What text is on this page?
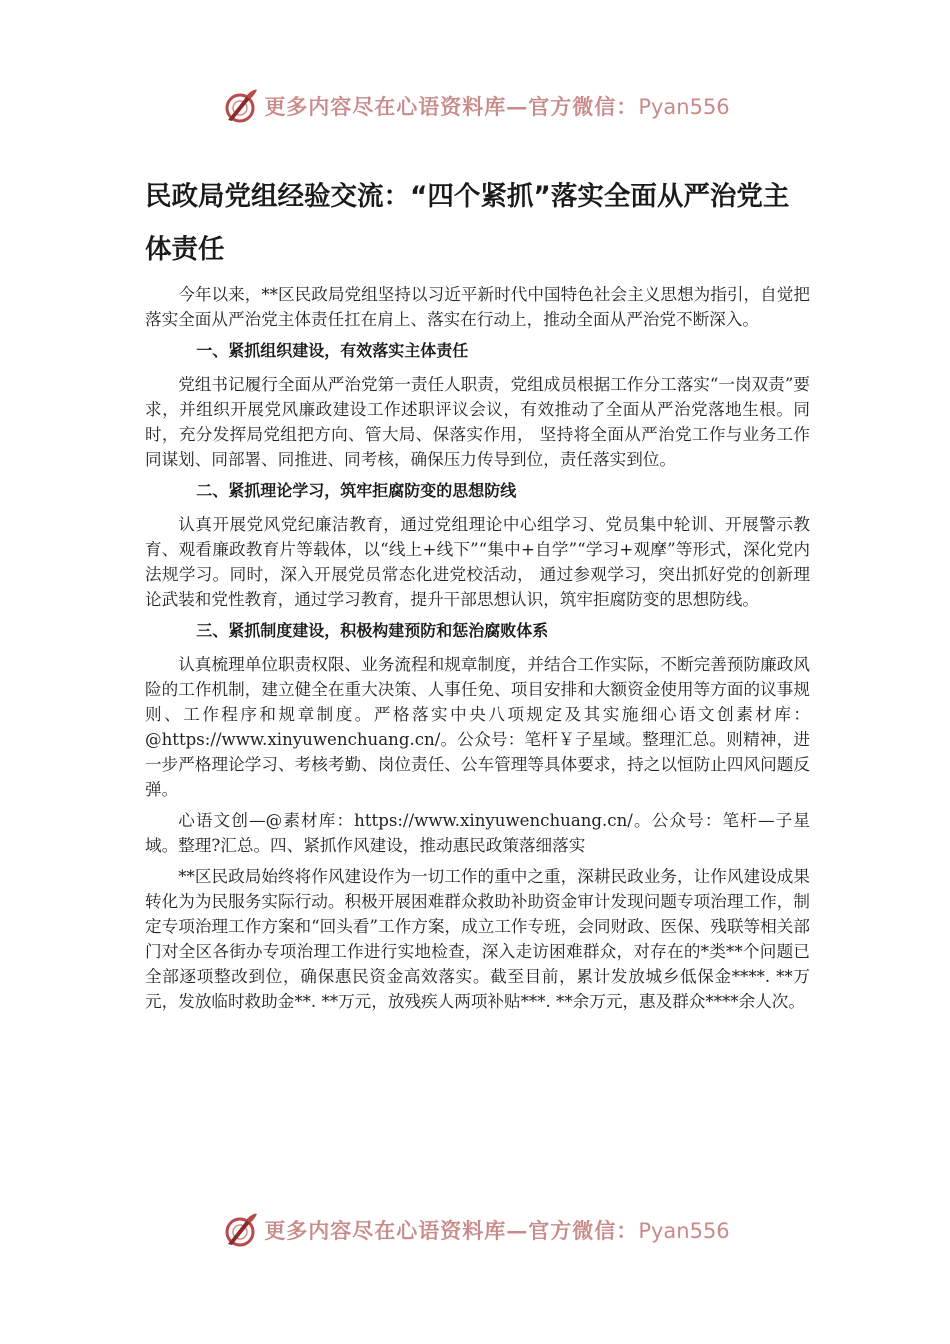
更多内容尽在心语资料库—官方微信：Pyan556
民政局党组经验交流：“四个紧抓”落实全面从严治党主体责任

今年以来，**区民政局党组坚持以习近平新时代中国特色社会主义思想为指引，自觉把落实全面从严治党主体责任扛在肩上、落实在行动上，推动全面从严治党不断深入。

一、紧抓组织建设，有效落实主体责任

党组书记履行全面从严治党第一责任人职责，党组成员根据工作分工落实“一岗双责”要求，并组织开展党风廉政建设工作述职评议会议，有效推动了全面从严治党落地生根。同时，充分发挥局党组把方向、管大局、保落实作用， 坚持将全面从严治党工作与业务工作同谋划、同部署、同推进、同考核，确保压力传导到位，责任落实到位。

二、紧抓理论学习，筑牢拒腐防变的思想防线

认真开展党风党纪廉洁教育，通过党组理论中心组学习、党员集中轮训、开展警示教育、观看廉政教育片等载体，以“线上+线下”“集中+自学”“学习+观摩”等形式，深化党内法规学习。同时，深入开展党员常态化进党校活动， 通过参观学习，突出抓好党的创新理论武装和党性教育，通过学习教育，提升干部思想认识，筑牢拒腐防变的思想防线。

三、紧抓制度建设，积极构建预防和惩治腐败体系

认真梳理单位职责权限、业务流程和规章制度，并结合工作实际，不断完善预防廉政风险的工作机制，建立健全在重大决策、人事任免、项目安排和大额资金使用等方面的议事规则、工作程序和规章制度。严格落实中央八项规定及其实施细心语文创素材库： @https://www.xinyuwenchuang.cn/。公众号：笔杆￥子星域。整理汇总。则精神，进一步严格理论学习、考核考勤、岗位责任、公车管理等具体要求，持之以恒防止四风问题反弹。

心语文创—@素材库：https://www.xinyuwenchuang.cn/。公众号：笔杆—子星域。整理?汇总。四、紧抓作风建设，推动惠民政策落细落实

**区民政局始终将作风建设作为一切工作的重中之重，深耕民政业务，让作风建设成果转化为为民服务实际行动。积极开展困难群众救助补助资金审计发现问题专项治理工作，制定专项治理工作方案和“回头看”工作方案，成立工作专班，会同财政、医保、残联等相关部门对全区各街办专项治理工作进行实地检查，深入走访困难群众，对存在的*类**个问题已全部逐项整改到位，确保惠民资金高效落实。截至目前，累计发放城乡低保金****. **万元，发放临时救助金**. **万元，放残疾人两项补贴***. **余万元，惠及群众****余人次。

更多内容尽在心语资料库—官方微信：Pyan556
